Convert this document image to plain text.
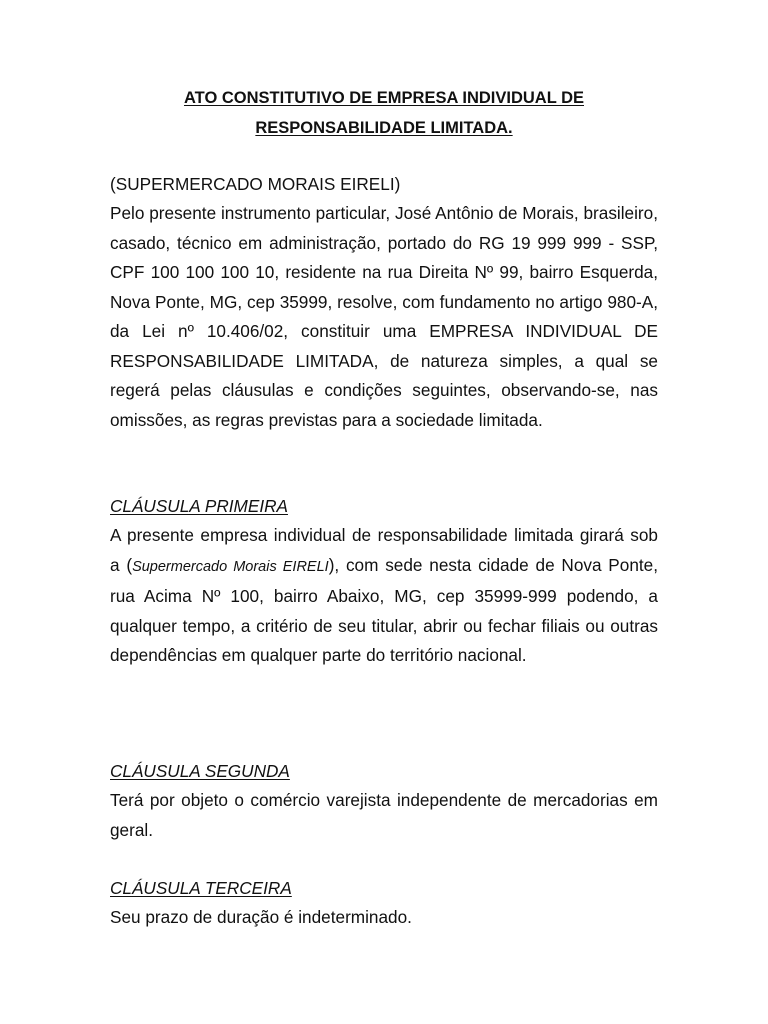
ATO CONSTITUTIVO DE EMPRESA INDIVIDUAL DE
RESPONSABILIDADE LIMITADA.

(SUPERMERCADO MORAIS EIRELI)

Pelo presente instrumento particular, José Antônio de Morais, brasileiro, casado, técnico em administração, portado do RG 19 999 999 - SSP, CPF 100 100 100 10, residente na rua Direita Nº 99, bairro Esquerda, Nova Ponte, MG, cep 35999, resolve, com fundamento no artigo 980-A, da Lei nº 10.406/02, constituir uma EMPRESA INDIVIDUAL DE RESPONSABILIDADE LIMITADA, de natureza simples, a qual se regerá pelas cláusulas e condições seguintes, observando-se, nas omissões, as regras previstas para a sociedade limitada.

CLÁUSULA PRIMEIRA

A presente empresa individual de responsabilidade limitada girará sob a (Supermercado Morais EIRELI), com sede nesta cidade de Nova Ponte, rua Acima Nº 100, bairro Abaixo, MG, cep 35999-999 podendo, a qualquer tempo, a critério de seu titular, abrir ou fechar filiais ou outras dependências em qualquer parte do território nacional.

CLÁUSULA SEGUNDA

Terá por objeto o comércio varejista independente de mercadorias em geral.

CLÁUSULA TERCEIRA

Seu prazo de duração é indeterminado.
